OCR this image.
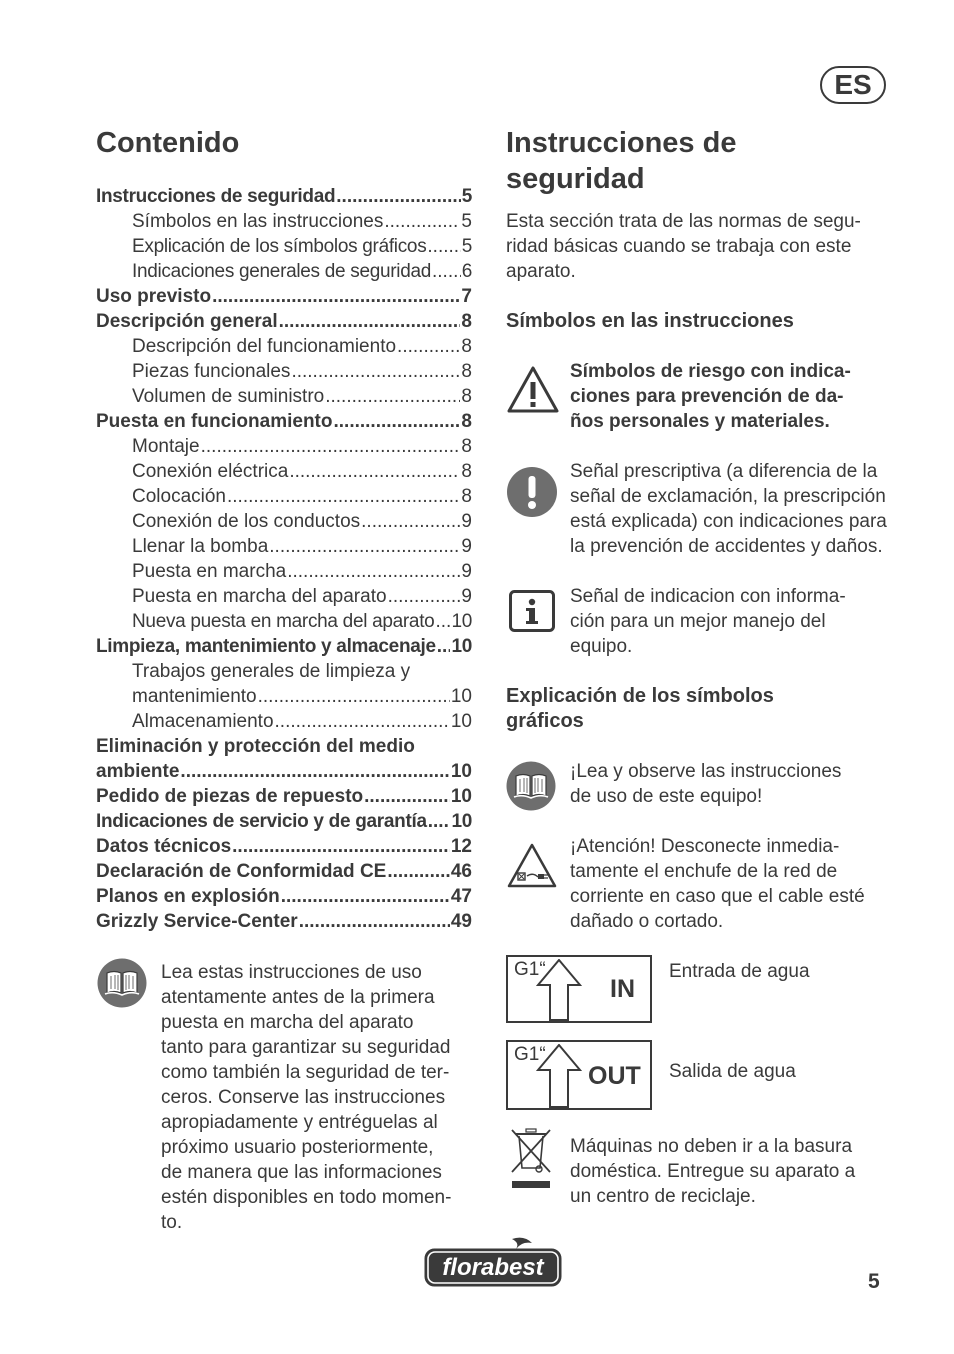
ES
Contenido
Instrucciones de seguridad .....	5
Símbolos en las instrucciones .....	5
Explicación de los símbolos gráficos ..... 5
Indicaciones generales de seguridad ..... 6
Uso previsto .....	7
Descripción general .....	8
Descripción del funcionamiento .....	8
Piezas funcionales .....	8
Volumen de suministro .....	8
Puesta en funcionamiento .....	8
Montaje .....	8
Conexión eléctrica .....	8
Colocación .....	8
Conexión de los conductos .....	9
Llenar la bomba .....	9
Puesta en marcha .....	9
Puesta en marcha del aparato .....	9
Nueva puesta en marcha del aparato ..... 10
Limpieza, mantenimiento y almacenaje ..... 10
Trabajos generales de limpieza y
mantenimiento .....	10
Almacenamiento .....	10
Eliminación y protección del medio
ambiente .....	10
Pedido de piezas de repuesto .....	10
Indicaciones de servicio y de garantía ..... 10
Datos técnicos .....	12
Declaración de Conformidad CE .....	46
Planos en explosión .....	47
Grizzly Service-Center .....	49
Lea estas instrucciones de uso
atentamente antes de la primera
puesta en marcha del aparato
tanto para garantizar su seguridad
como también la seguridad de ter-
ceros. Conserve las instrucciones
apropiadamente y entréguelas al
próximo usuario posteriormente,
de manera que las informaciones
estén disponibles en todo momen-
to.
Instrucciones de
seguridad
Esta sección trata de las normas de segu-
ridad básicas cuando se trabaja con este
aparato.
Símbolos en las instrucciones
Símbolos de riesgo con indica-
ciones para prevención de da-
ños personales y materiales.
Señal prescriptiva (a diferencia de la
señal de exclamación, la prescripción
está explicada) con indicaciones para
la prevención de accidentes y daños.
Señal de indicacion con informa-
ción para un mejor manejo del
equipo.
Explicación de los símbolos
gráficos
¡Lea y observe las instrucciones
de uso de este equipo!
¡Atención! Desconecte inmedia-
tamente el enchufe de la red de
corriente en caso que el cable esté
dañado o cortado.
G1“
IN
Entrada de agua
G1“
OUT Salida de agua
Máquinas no deben ir a la basura
doméstica. Entregue su aparato a
un centro de reciclaje.
florabest
5
